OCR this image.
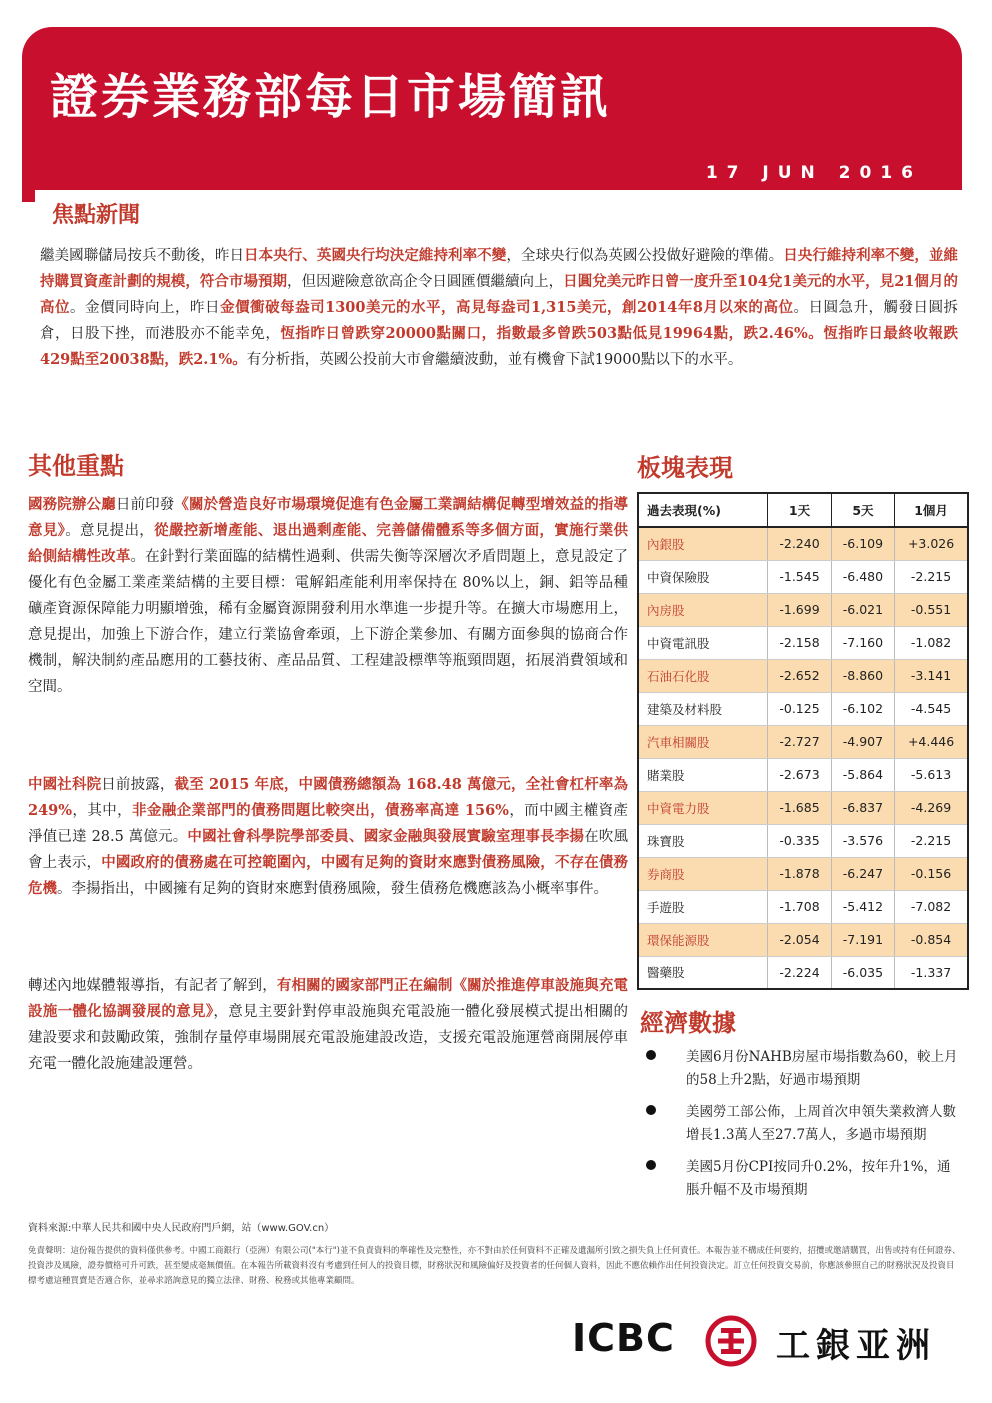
證券業務部每日市場簡訊
17 JUN 2016
焦點新聞

繼美國聯儲局按兵不動後，昨日日本央行、英國央行均決定維持利率不變，全球央行似為英國公投做好避險的準備。日央行維持利率不變，並維持購買資產計劃的規模，符合市場預期，但因避險意欲高企令日圓匯價繼續向上，日圓兌美元昨日曾一度升至104兌1美元的水平，見21個月的高位。金價同時向上，昨日金價衝破每盎司1300美元的水平，高見每盎司1,315美元，創2014年8月以來的高位。日圓急升，觸發日圓拆倉，日股下挫，而港股亦不能幸免，恆指昨日曾跌穿20000點關口，指數最多曾跌503點低見19964點，跌2.46%。恆指昨日最終收報跌429點至20038點，跌2.1%。有分析指，英國公投前大市會繼續波動，並有機會下試19000點以下的水平。

其他重點

國務院辦公廳日前印發《關於營造良好市場環境促進有色金屬工業調結構促轉型增效益的指導意見》。意見提出，從嚴控新增產能、退出過剩產能、完善儲備體系等多個方面，實施行業供給側結構性改革。在針對行業面臨的結構性過剩、供需失衡等深層次矛盾問題上，意見設定了優化有色金屬工業產業結構的主要目標：電解鋁產能利用率保持在 80%以上，銅、鋁等品種礦產資源保障能力明顯增強，稀有金屬資源開發利用水準進一步提升等。在擴大市場應用上，意見提出，加強上下游合作，建立行業協會牽頭，上下游企業參加、有關方面參與的協商合作機制，解決制約產品應用的工藝技術、產品品質、工程建設標準等瓶頸問題，拓展消費領域和空間。

中國社科院日前披露，截至 2015 年底，中國債務總額為 168.48 萬億元，全社會杠杆率為 249%，其中，非金融企業部門的債務問題比較突出，債務率高達 156%，而中國主權資產淨值已達 28.5 萬億元。中國社會科學院學部委員、國家金融與發展實驗室理事長李揚在吹風會上表示，中國政府的債務處在可控範圍內，中國有足夠的資財來應對債務風險，不存在債務危機。李揚指出，中國擁有足夠的資財來應對債務風險，發生債務危機應該為小概率事件。

轉述內地媒體報導指，有記者了解到，有相關的國家部門正在編制《關於推進停車設施與充電設施一體化協調發展的意見》，意見主要針對停車設施與充電設施一體化發展模式提出相關的建設要求和鼓勵政策，強制存量停車場開展充電設施建設改造，支援充電設施運營商開展停車充電一體化設施建設運營。

板塊表現
過去表現(%)	1天	5天	1個月
內銀股	-2.240	-6.109	+3.026
中資保險股	-1.545	-6.480	-2.215
內房股	-1.699	-6.021	-0.551
中資電訊股	-2.158	-7.160	-1.082
石油石化股	-2.652	-8.860	-3.141
建築及材料股	-0.125	-6.102	-4.545
汽車相關股	-2.727	-4.907	+4.446
賭業股	-2.673	-5.864	-5.613
中資電力股	-1.685	-6.837	-4.269
珠寶股	-0.335	-3.576	-2.215
券商股	-1.878	-6.247	-0.156
手遊股	-1.708	-5.412	-7.082
環保能源股	-2.054	-7.191	-0.854
醫藥股	-2.224	-6.035	-1.337
經濟數據
美國6月份NAHB房屋市場指數為60，較上月的58上升2點，好過市場預期
美國勞工部公佈，上周首次申領失業救濟人數增長1.3萬人至27.7萬人，多過市場預期
美國5月份CPI按同升0.2%，按年升1%，通脹升幅不及市場預期
資料來源:中華人民共和國中央人民政府門戶網，站（www.GOV.cn）
免責聲明：這份報告提供的資料僅供參考。中國工商銀行（亞洲）有限公司("本行")並不負責資料的準確性及完整性，亦不對由於任何資料不正確及遺漏所引致之損失負上任何責任。本報告並不構成任何要約，招攬或邀請購買，出售或持有任何證券、投資涉及風險，證券價格可升可跌，甚至變成毫無價值。在本報告所載資料沒有考慮到任何人的投資目標，財務狀況和風險偏好及投資者的任何個人資料，因此不應依賴作出任何投資決定。訂立任何投資交易前，你應該參照自己的財務狀況及投資目標考慮這種買賣是否適合你，並尋求諮詢意見的獨立法律、財務、稅務或其他專業顧問。
ICBC	工銀亚洲
